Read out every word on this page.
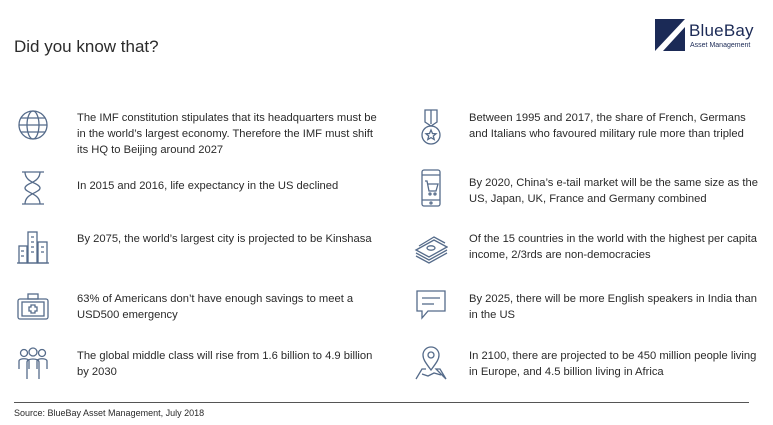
Did you know that?
BlueBay
Asset Management
The IMF constitution stipulates that its headquarters must be in the world’s largest economy. Therefore the IMF must shift its HQ to Beijing around 2027
In 2015 and 2016, life expectancy in the US declined
By 2075, the world’s largest city is projected to be Kinshasa
63% of Americans don’t have enough savings to meet a USD500 emergency
The global middle class will rise from 1.6 billion to 4.9 billion by 2030
Between 1995 and 2017, the share of French, Germans and Italians who favoured military rule more than tripled
By 2020, China’s e-tail market will be the same size as the US, Japan, UK, France and Germany combined
Of the 15 countries in the world with the highest per capita income, 2/3rds are non-democracies
By 2025, there will be more English speakers in India than in the US
In 2100, there are projected to be 450 million people living in Europe, and 4.5 billion living in Africa
Source: BlueBay Asset Management, July 2018
